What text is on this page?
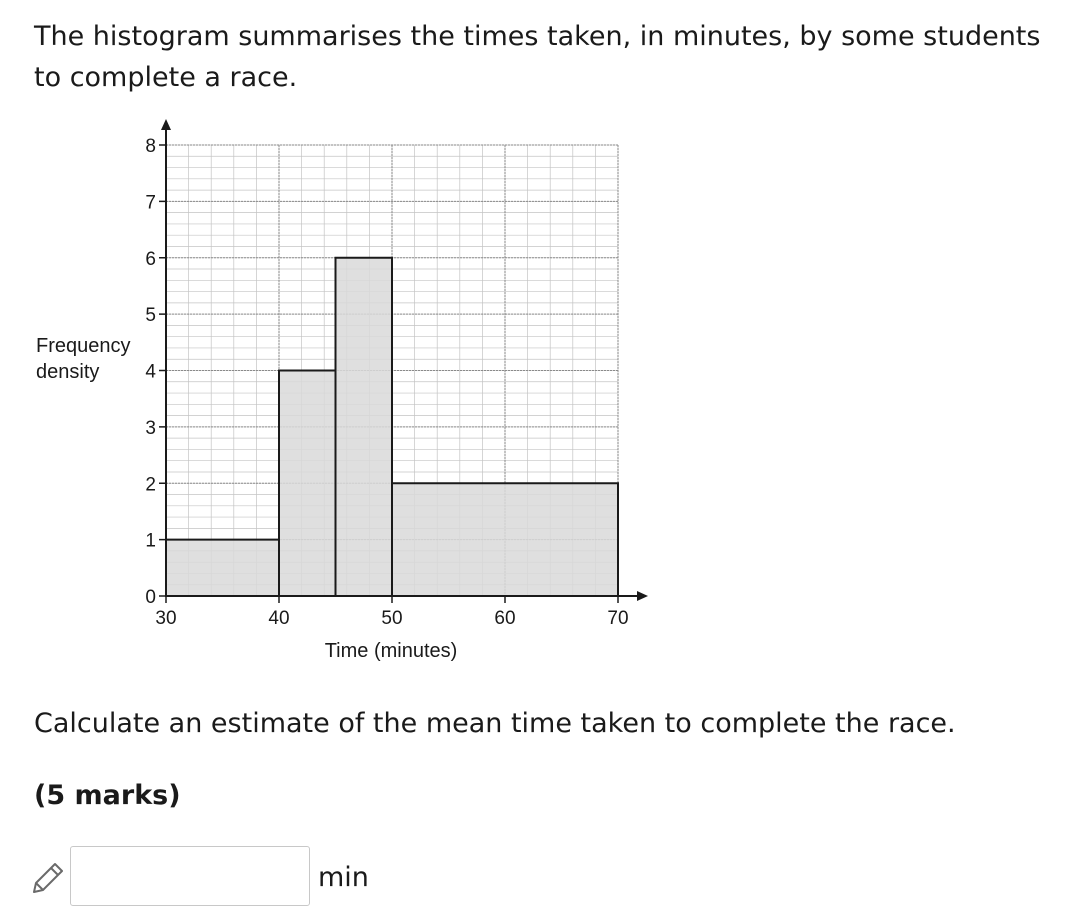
The histogram summarises the times taken, in minutes, by some students to complete a race.

0
1
2
3
4
5
6
7
8
30	40	50	60	70
Time (minutes)
Frequency
density

Calculate an estimate of the mean time taken to complete the race.

(5 marks)

min
